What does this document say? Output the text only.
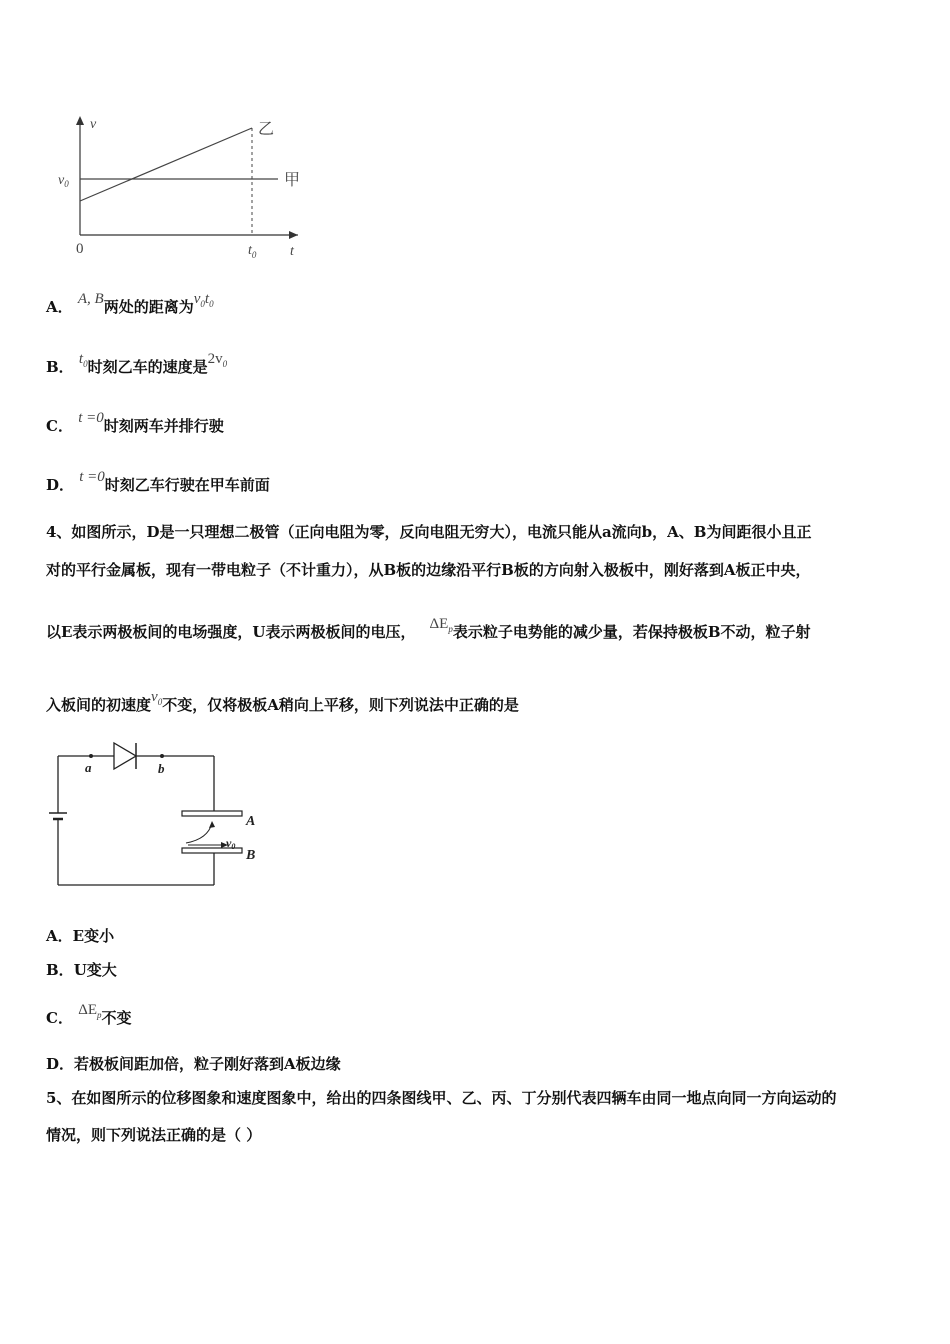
v
t
$v_0$
0	$t_0$
乙
甲
A． A, B两处的距离为$v_0t_0$
B． $t_0$时刻乙车的速度是$2v_0$
C． t =0时刻两车并排行驶
D． t =0时刻乙车行驶在甲车前面
4、如图所示，D是一只理想二极管（正向电阻为零，反向电阻无穷大），电流只能从a流向b，A、B为间距很小且正
对的平行金属板，现有一带电粒子（不计重力），从B板的边缘沿平行B板的方向射入极板中，刚好落到A板正中央，
以E表示两极板间的电场强度，U表示两极板间的电压， $\Delta E_p$表示粒子电势能的减少量，若保持极板B不动，粒子射
入板间的初速度$v_0$不变，仅将极板A稍向上平移，则下列说法中正确的是
a	b
v0
A
B
A．E变小
B．U变大
C． $\Delta E_p$不变
D．若极板间距加倍，粒子刚好落到A板边缘
5、在如图所示的位移图象和速度图象中，给出的四条图线甲、乙、丙、丁分别代表四辆车由同一地点向同一方向运动的
情况，则下列说法正确的是（ ）
